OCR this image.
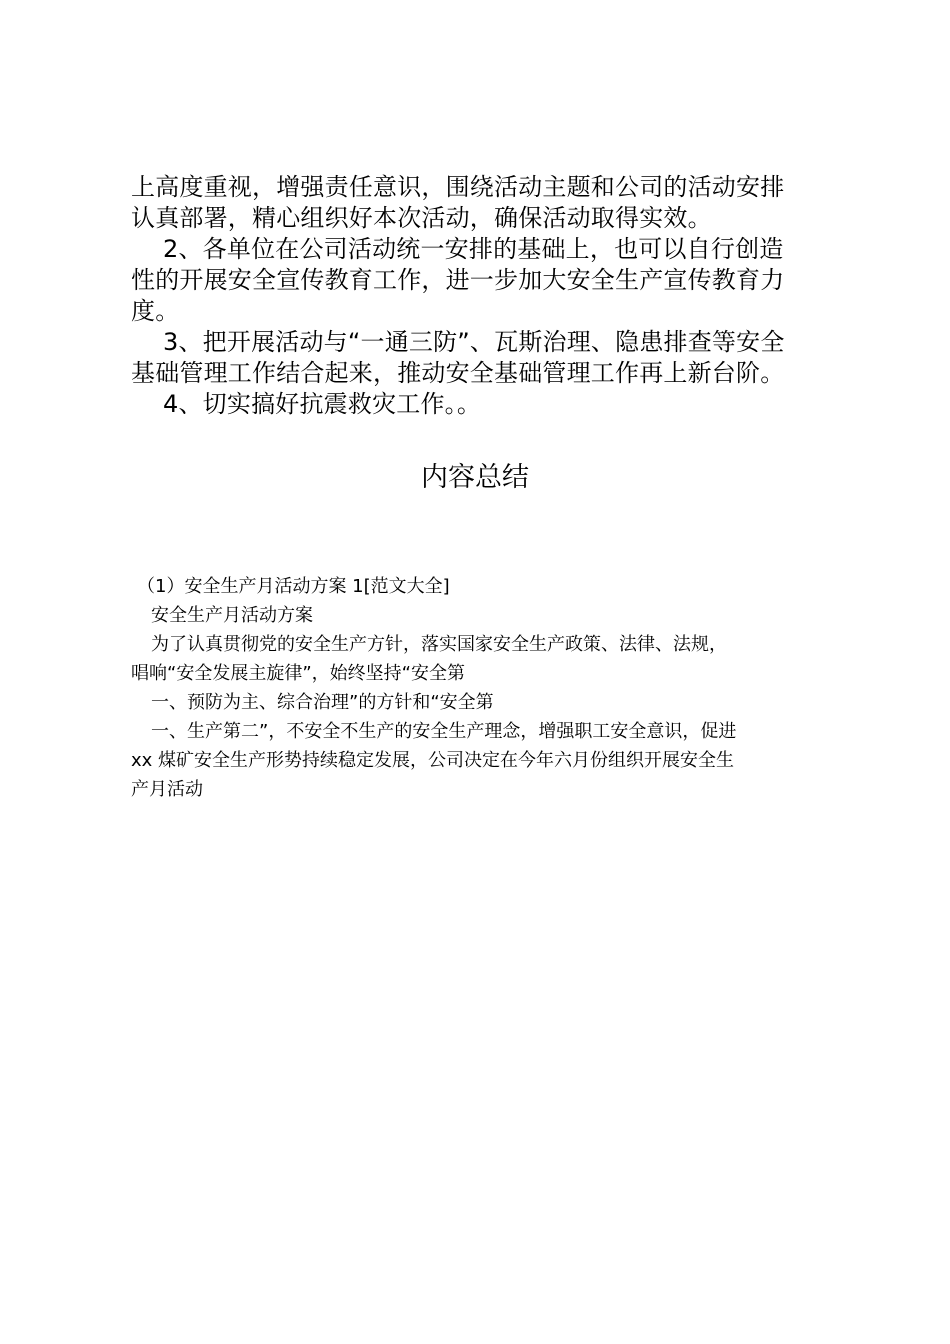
上高度重视，增强责任意识，围绕活动主题和公司的活动安排

认真部署，精心组织好本次活动，确保活动取得实效。

2、各单位在公司活动统一安排的基础上，也可以自行创造

性的开展安全宣传教育工作，进一步加大安全生产宣传教育力

度。

3、把开展活动与“一通三防”、瓦斯治理、隐患排查等安全

基础管理工作结合起来，推动安全基础管理工作再上新台阶。

4、切实搞好抗震救灾工作。。

内容总结

（1）安全生产月活动方案 1[范文大全]

安全生产月活动方案

为了认真贯彻党的安全生产方针，落实国家安全生产政策、法律、法规，

唱响“安全发展主旋律”，始终坚持“安全第

一、预防为主、综合治理”的方针和“安全第

一、生产第二”，不安全不生产的安全生产理念，增强职工安全意识，促进

xx 煤矿安全生产形势持续稳定发展，公司决定在今年六月份组织开展安全生

产月活动
